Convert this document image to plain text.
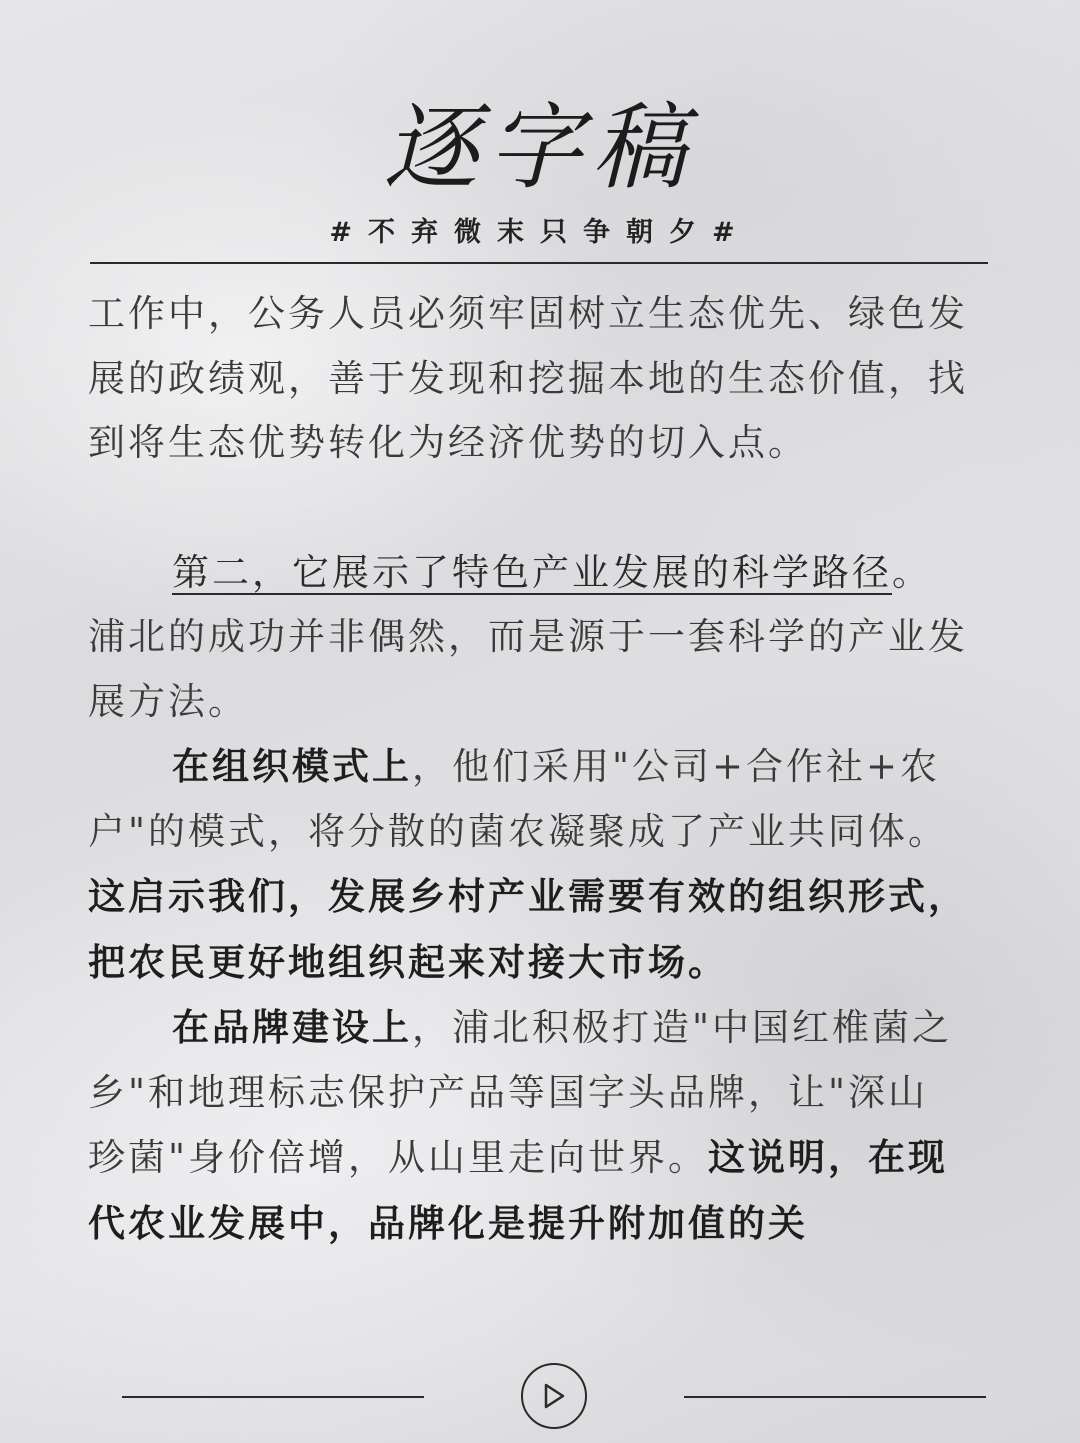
逐字稿
#不弃微末只争朝夕#

工作中，公务人员必须牢固树立生态优先、绿色发展的政绩观，善于发现和挖掘本地的生态价值，找到将生态优势转化为经济优势的切入点。

第二，它展示了特色产业发展的科学路径。浦北的成功并非偶然，而是源于一套科学的产业发展方法。

在组织模式上，他们采用"公司+合作社+农户"的模式，将分散的菌农凝聚成了产业共同体。这启示我们，发展乡村产业需要有效的组织形式，把农民更好地组织起来对接大市场。

在品牌建设上，浦北积极打造"中国红椎菌之乡"和地理标志保护产品等国字头品牌，让"深山珍菌"身价倍增，从山里走向世界。这说明，在现代农业发展中，品牌化是提升附加值的关
